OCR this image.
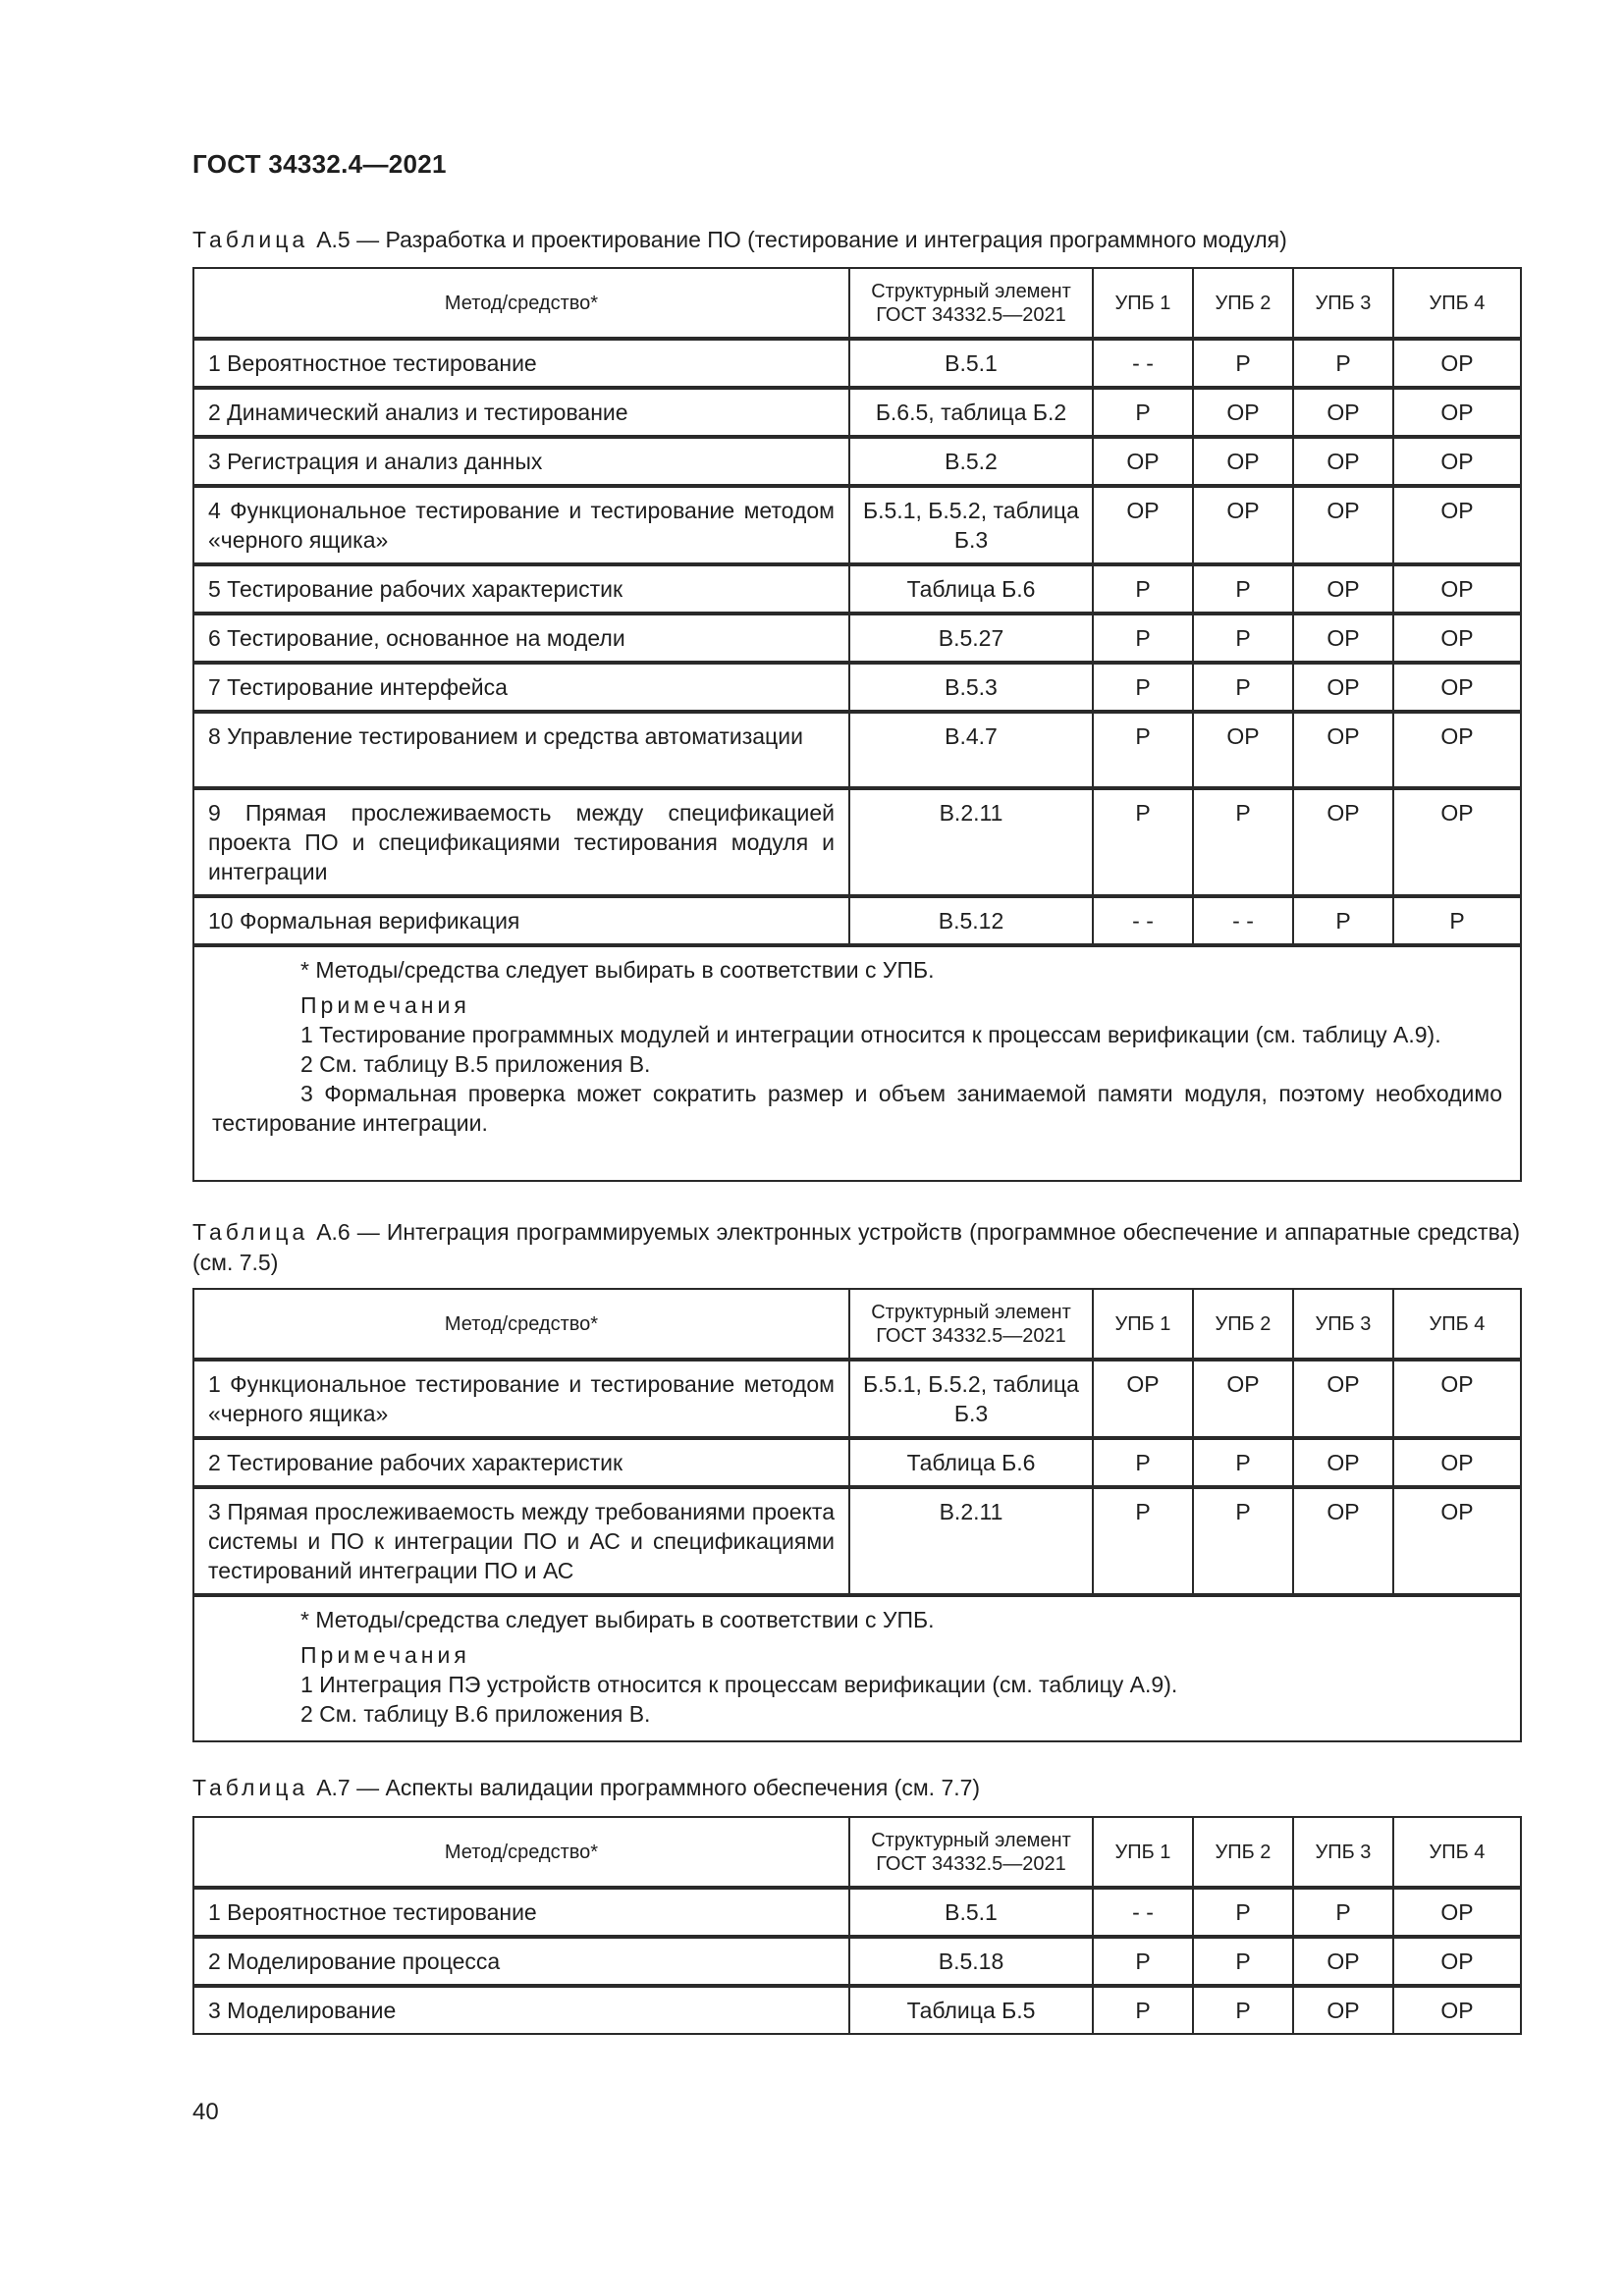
ГОСТ 34332.4—2021
Таблица А.5 — Разработка и проектирование ПО (тестирование и интеграция программного модуля)
Метод/средство*	Структурный элемент ГОСТ 34332.5—2021	УПБ 1	УПБ 2	УПБ 3	УПБ 4
1 Вероятностное тестирование	В.5.1	- -	Р	Р	ОР
2 Динамический анализ и тестирование	Б.6.5, таблица Б.2	Р	ОР	ОР	ОР
3 Регистрация и анализ данных	В.5.2	ОР	ОР	ОР	ОР
4 Функциональное тестирование и тестирование методом «черного ящика»	Б.5.1, Б.5.2, таблица Б.3	ОР	ОР	ОР	ОР
5 Тестирование рабочих характеристик	Таблица Б.6	Р	Р	ОР	ОР
6 Тестирование, основанное на модели	В.5.27	Р	Р	ОР	ОР
7 Тестирование интерфейса	В.5.3	Р	Р	ОР	ОР
8 Управление тестированием и средства автоматизации	В.4.7	Р	ОР	ОР	ОР
9 Прямая прослеживаемость между спецификацией проекта ПО и спецификациями тестирования модуля и интеграции	В.2.11	Р	Р	ОР	ОР
10 Формальная верификация	В.5.12	- -	- -	Р	Р

* Методы/средства следует выбирать в соответствии с УПБ.
Примечания
1 Тестирование программных модулей и интеграции относится к процессам верификации (см. таблицу А.9).
2 См. таблицу В.5 приложения В.
3 Формальная проверка может сократить размер и объем занимаемой памяти модуля, поэтому необходимо тестирование интеграции.					
Таблица А.6 — Интеграция программируемых электронных устройств (программное обеспечение и аппаратные средства) (см. 7.5)
Метод/средство*	Структурный элемент ГОСТ 34332.5—2021	УПБ 1	УПБ 2	УПБ 3	УПБ 4
1 Функциональное тестирование и тестирование методом «черного ящика»	Б.5.1, Б.5.2, таблица Б.3	ОР	ОР	ОР	ОР
2 Тестирование рабочих характеристик	Таблица Б.6	Р	Р	ОР	ОР
3 Прямая прослеживаемость между требованиями проекта системы и ПО к интеграции ПО и АС и спецификациями тестирований интеграции ПО и АС	В.2.11	Р	Р	ОР	ОР

* Методы/средства следует выбирать в соответствии с УПБ.
Примечания
1 Интеграция ПЭ устройств относится к процессам верификации (см. таблицу А.9).
2 См. таблицу В.6 приложения В.					
Таблица А.7 — Аспекты валидации программного обеспечения (см. 7.7)
Метод/средство*	Структурный элемент ГОСТ 34332.5—2021	УПБ 1	УПБ 2	УПБ 3	УПБ 4
1 Вероятностное тестирование	В.5.1	- -	Р	Р	ОР
2 Моделирование процесса	В.5.18	Р	Р	ОР	ОР
3 Моделирование	Таблица Б.5	Р	Р	ОР	ОР
40
